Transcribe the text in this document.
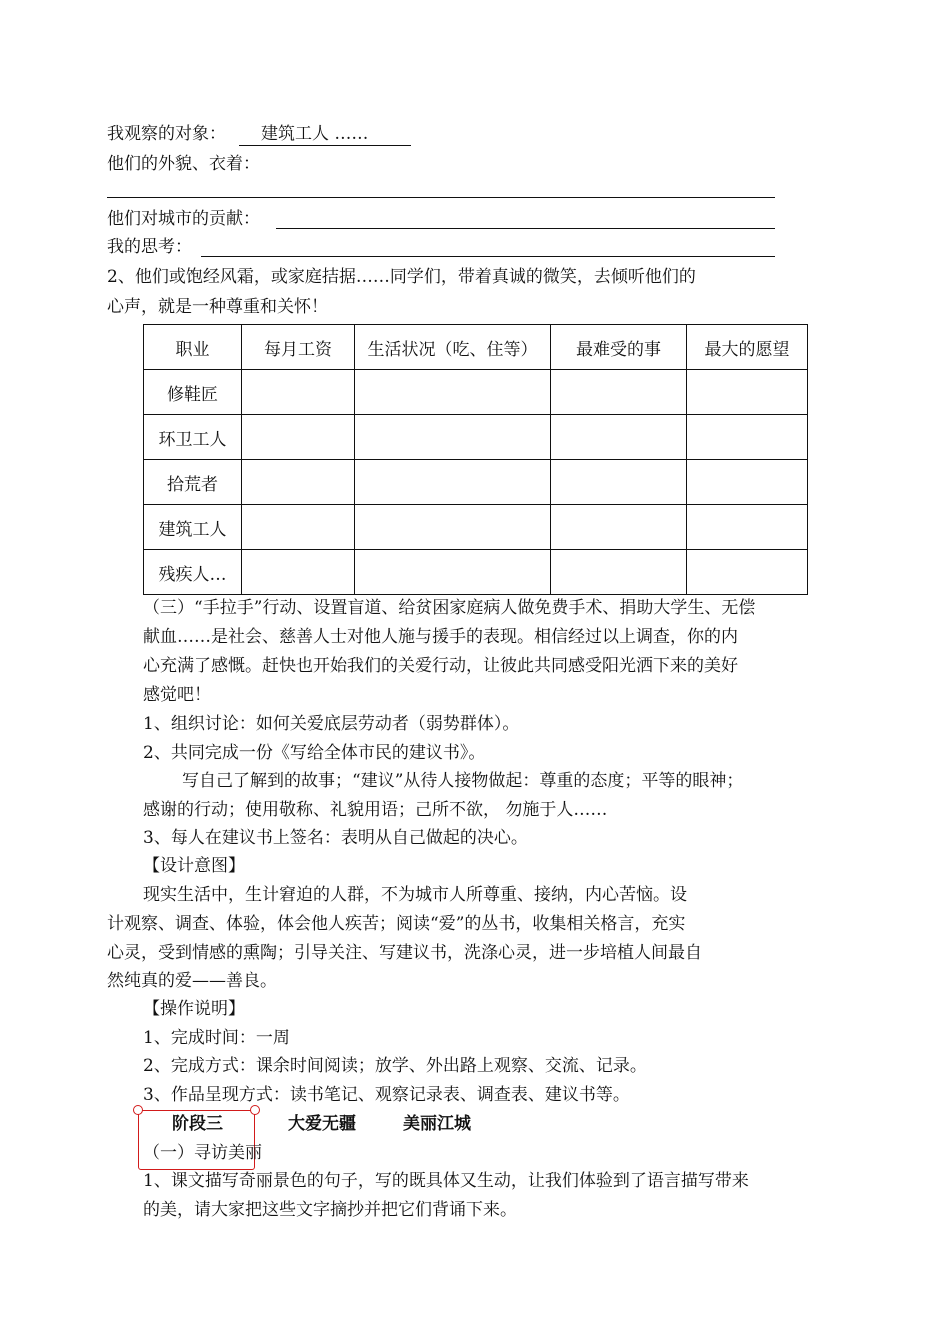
我观察的对象： 建筑工人 ……
他们的外貌、衣着：
他们对城市的贡献：
我的思考：
2、他们或饱经风霜，或家庭拮据……同学们，带着真诚的微笑，去倾听他们的
心声，就是一种尊重和关怀！
职业	每月工资	生活状况（吃、住等）	最难受的事	最大的愿望
修鞋匠				
环卫工人				
拾荒者				
建筑工人				
残疾人…				
（三）“手拉手”行动、设置盲道、给贫困家庭病人做免费手术、捐助大学生、无偿
献血……是社会、慈善人士对他人施与援手的表现。相信经过以上调查，你的内
心充满了感慨。赶快也开始我们的关爱行动，让彼此共同感受阳光洒下来的美好
感觉吧！
1、组织讨论：如何关爱底层劳动者（弱势群体）。
2、共同完成一份《写给全体市民的建议书》。
写自己了解到的故事；“建议”从待人接物做起：尊重的态度；平等的眼神；
感谢的行动；使用敬称、礼貌用语；己所不欲， 勿施于人……
3、每人在建议书上签名：表明从自己做起的决心。
【设计意图】
现实生活中，生计窘迫的人群，不为城市人所尊重、接纳，内心苦恼。设
计观察、调查、体验，体会他人疾苦；阅读“爱”的丛书，收集相关格言，充实
心灵，受到情感的熏陶；引导关注、写建议书，洗涤心灵，进一步培植人间最自
然纯真的爱——善良。
【操作说明】
1、完成时间：一周
2、完成方式：课余时间阅读；放学、外出路上观察、交流、记录。
3、作品呈现方式：读书笔记、观察记录表、调查表、建议书等。
阶段三	大爱无疆	美丽江城
（一）寻访美丽
1、课文描写奇丽景色的句子，写的既具体又生动，让我们体验到了语言描写带来
的美，请大家把这些文字摘抄并把它们背诵下来。
